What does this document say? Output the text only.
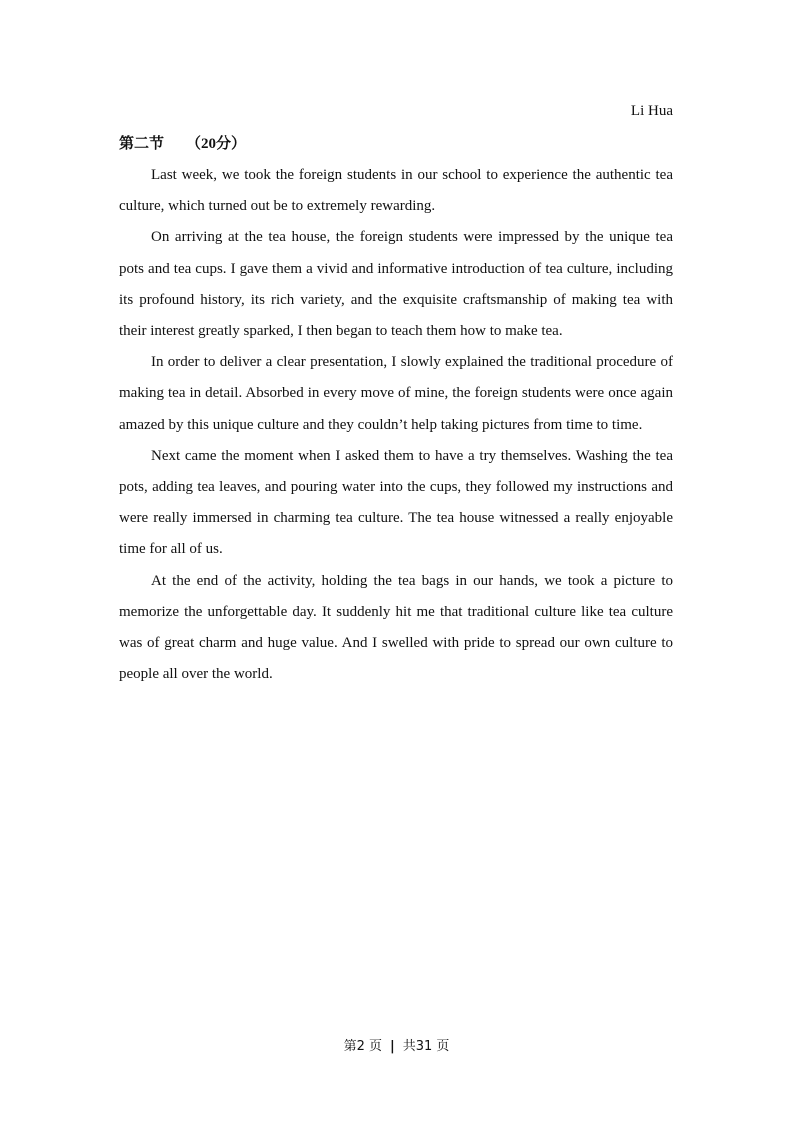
Li Hua

第二节 （20分）

Last week, we took the foreign students in our school to experience the authentic tea culture, which turned out be to extremely rewarding.

On arriving at the tea house, the foreign students were impressed by the unique tea pots and tea cups. I gave them a vivid and informative introduction of tea culture, including its profound history, its rich variety, and the exquisite craftsmanship of making tea with their interest greatly sparked, I then began to teach them how to make tea.

In order to deliver a clear presentation, I slowly explained the traditional procedure of making tea in detail. Absorbed in every move of mine, the foreign students were once again amazed by this unique culture and they couldn’t help taking pictures from time to time.

Next came the moment when I asked them to have a try themselves. Washing the tea pots, adding tea leaves, and pouring water into the cups, they followed my instructions and were really immersed in charming tea culture. The tea house witnessed a really enjoyable time for all of us.

At the end of the activity, holding the tea bags in our hands, we took a picture to memorize the unforgettable day. It suddenly hit me that traditional culture like tea culture was of great charm and huge value. And I swelled with pride to spread our own culture to people all over the world.

第2 页 | 共31 页
